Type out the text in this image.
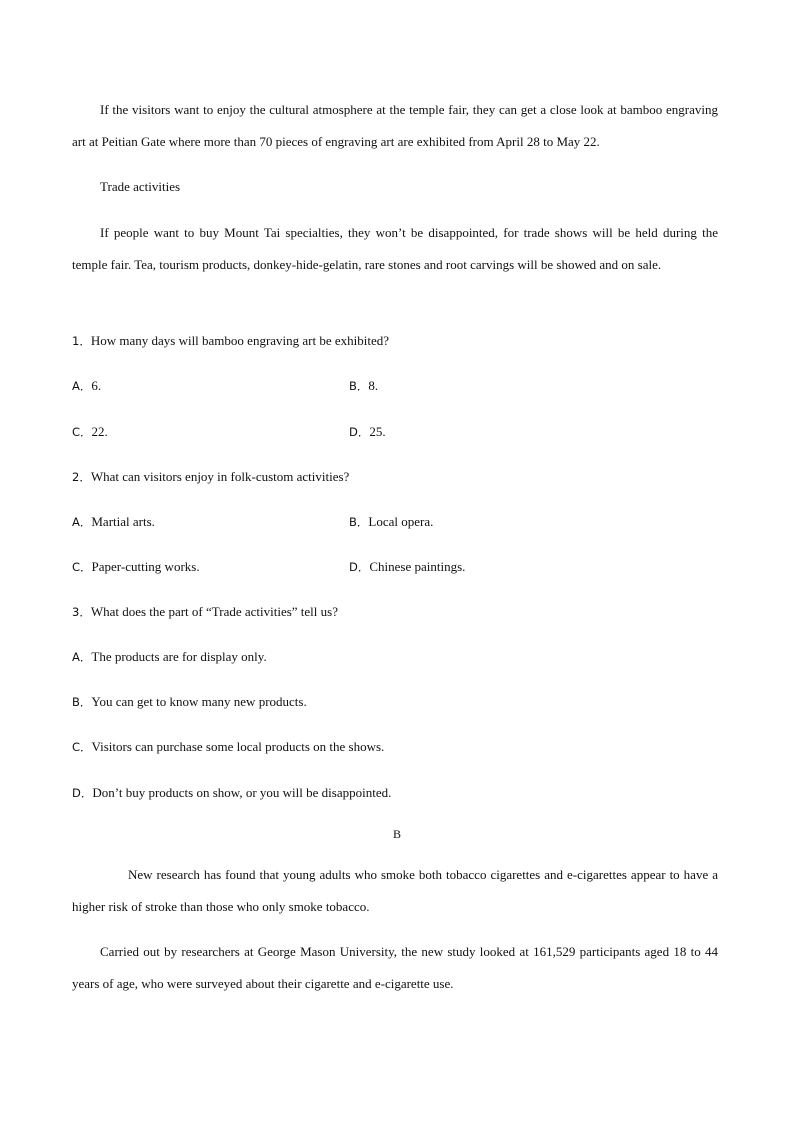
If the visitors want to enjoy the cultural atmosphere at the temple fair, they can get a close look at bamboo engraving art at Peitian Gate where more than 70 pieces of engraving art are exhibited from April 28 to May 22.

Trade activities

If people want to buy Mount Tai specialties, they won’t be disappointed, for trade shows will be held during the temple fair. Tea, tourism products, donkey-hide-gelatin, rare stones and root carvings will be showed and on sale.

1．How many days will bamboo engraving art be exhibited?

A．6.	B．8.

C．22.	D．25.

2．What can visitors enjoy in folk-custom activities?

A．Martial arts.	B．Local opera.

C．Paper-cutting works.	D．Chinese paintings.

3．What does the part of “Trade activities” tell us?

A．The products are for display only.

B．You can get to know many new products.

C．Visitors can purchase some local products on the shows.

D．Don’t buy products on show, or you will be disappointed.

B

New research has found that young adults who smoke both tobacco cigarettes and e-cigarettes appear to have a higher risk of stroke than those who only smoke tobacco.

Carried out by researchers at George Mason University, the new study looked at 161,529 participants aged 18 to 44 years of age, who were surveyed about their cigarette and e-cigarette use.
